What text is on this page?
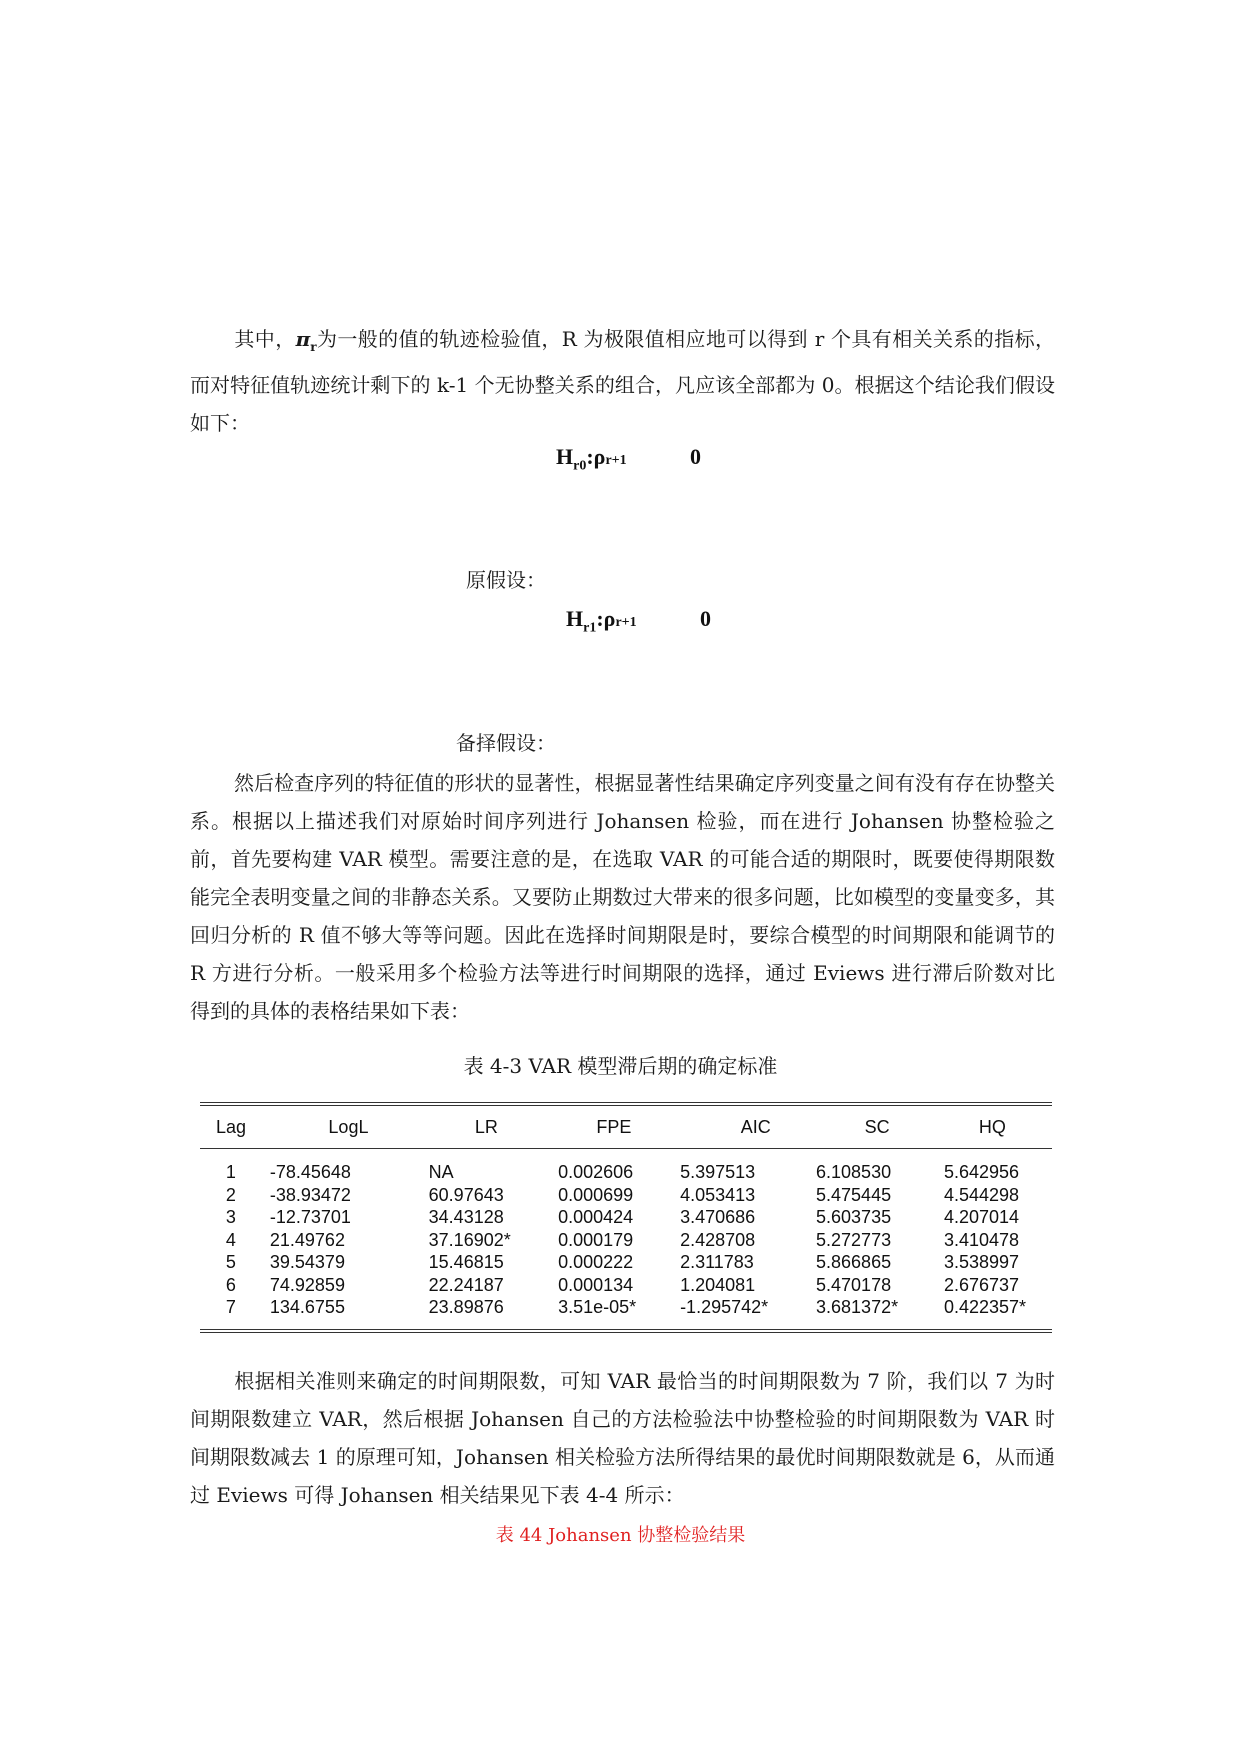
其中，$\pi_r$为一般的值的轨迹检验值，R 为极限值相应地可以得到 r 个具有相关关系的指标，而对特征值轨迹统计剩下的 k-1 个无协整关系的组合，凡应该全部都为 0。根据这个结论我们假设如下：
$H_{r0}:\rho r+1$	0
原假设：
$H_{r1}:\rho r+1$	0
备择假设：
然后检查序列的特征值的形状的显著性，根据显著性结果确定序列变量之间有没有存在协整关系。根据以上描述我们对原始时间序列进行 Johansen 检验，而在进行 Johansen 协整检验之前，首先要构建 VAR 模型。需要注意的是，在选取 VAR 的可能合适的期限时，既要使得期限数能完全表明变量之间的非静态关系。又要防止期数过大带来的很多问题，比如模型的变量变多，其回归分析的 R 值不够大等等问题。因此在选择时间期限是时，要综合模型的时间期限和能调节的 R 方进行分析。一般采用多个检验方法等进行时间期限的选择，通过 Eviews 进行滞后阶数对比得到的具体的表格结果如下表：
表 4-3 VAR 模型滞后期的确定标准
Lag	LogL	LR	FPE	AIC	SC	HQ
1	-78.45648	NA	0.002606	5.397513	6.108530	5.642956
2	-38.93472	60.97643	0.000699	4.053413	5.475445	4.544298
3	-12.73701	34.43128	0.000424	3.470686	5.603735	4.207014
4	21.49762	37.16902*	0.000179	2.428708	5.272773	3.410478
5	39.54379	15.46815	0.000222	2.311783	5.866865	3.538997
6	74.92859	22.24187	0.000134	1.204081	5.470178	2.676737
7	134.6755	23.89876	3.51e-05*	-1.295742*	3.681372*	0.422357*
根据相关准则来确定的时间期限数，可知 VAR 最恰当的时间期限数为 7 阶，我们以 7 为时间期限数建立 VAR，然后根据 Johansen 自己的方法检验法中协整检验的时间期限数为 VAR 时间期限数减去 1 的原理可知，Johansen 相关检验方法所得结果的最优时间期限数就是 6，从而通过 Eviews 可得 Johansen 相关结果见下表 4-4 所示：
表 44 Johansen 协整检验结果
